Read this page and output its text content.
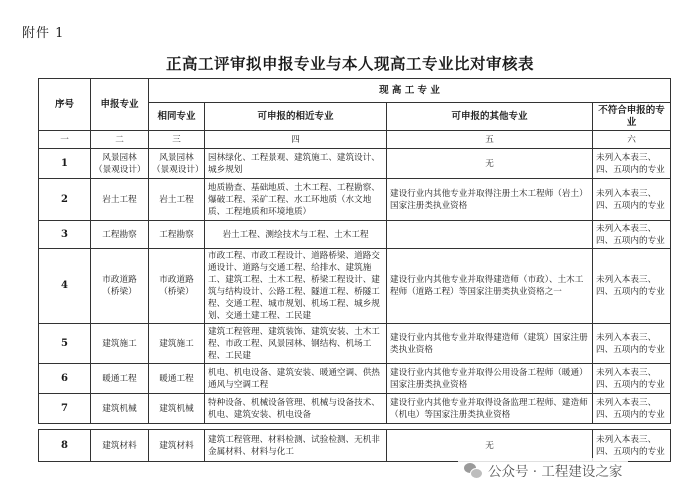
附件 1
正高工评审拟申报专业与本人现高工专业比对审核表
序号	申报专业	现 高 工 专 业			
		相同专业	可申报的相近专业	可申报的其他专业	不符合申报的专业
一	二	三	四	五	六
1	风景园林（景观设计）	风景园林（景观设计）	园林绿化、工程景观、建筑施工、建筑设计、城乡规划	无	未列入本表三、四、五项内的专业
2	岩土工程	岩土工程	地质勘查、基础地质、土木工程、工程勘察、爆破工程、采矿工程、水工环地质（水文地质、工程地质和环境地质）	建设行业内其他专业并取得注册土木工程师（岩土）国家注册类执业资格	未列入本表三、四、五项内的专业
3	工程勘察	工程勘察	岩土工程、测绘技术与工程、土木工程		未列入本表三、四、五项内的专业
4	市政道路（桥梁）	市政道路（桥梁）	市政工程、市政工程设计、道路桥梁、道路交通设计、道路与交通工程、给排水、建筑施工、建筑工程、土木工程、桥梁工程设计、建筑与结构设计、公路工程、隧道工程、桥隧工程、交通工程、城市规划、机场工程、城乡规划、交通土建工程、工民建	建设行业内其他专业并取得建造师（市政）、土木工程师（道路工程）等国家注册类执业资格之一	未列入本表三、四、五项内的专业
5	建筑施工	建筑施工	建筑工程管理、建筑装饰、建筑安装、土木工程、市政工程、风景园林、钢结构、机场工程、工民建	建设行业内其他专业并取得建造师（建筑）国家注册类执业资格	未列入本表三、四、五项内的专业
6	暖通工程	暖通工程	机电、机电设备、建筑安装、暖通空调、供热通风与空调工程	建设行业内其他专业并取得公用设备工程师（暖通）国家注册类执业资格	未列入本表三、四、五项内的专业
7	建筑机械	建筑机械	特种设备、机械设备管理、机械与设备技术、机电、建筑安装、机电设备	建设行业内其他专业并取得设备监理工程师、建造师（机电）等国家注册类执业资格	未列入本表三、四、五项内的专业

8	建筑材料	建筑材料	建筑工程管理、材料检测、试验检测、无机非金属材料、材料与化工	无	未列入本表三、四、五项内的专业
公众号 · 工程建设之家
